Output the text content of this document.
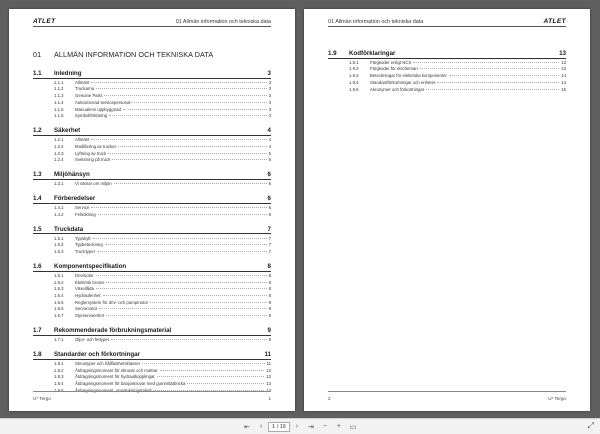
ATLET	01 Allmän information och tekniska data
01 ALLMÄN INFORMATION OCH TEKNISKA DATA
1.1	Inledning	3
1.1.1	Allmänt	3
1.1.2	Truckarna	3
1.1.3	Genuine Parts	3
1.1.4	Auktoriserad servicepersonal	3
1.1.5	Manualens uppbyggnad	3
1.1.6	Symbolförklaring	3
1.2	Säkerhet	4
1.2.1	Allmänt	4
1.2.2	Modifiering av trucker	4
1.2.3	Lyftning av truck	5
1.2.4	Svetsning på truck	6
1.3	Miljöhänsyn	6
1.3.1	Vi värnar om miljön	6
1.4	Förberedelser	6
1.4.1	Service	6
1.4.2	Felsökning	6
1.5	Truckdata	7
1.5.1	Typskylt	7
1.5.2	Typbeteckning	7
1.5.3	Trucktyper	7
1.6	Komponentspecifikation	8
1.6.1	Drivmotor	8
1.6.2	Elektrisk broms	8
1.6.3	Växellåda	8
1.6.4	Hydraulenhet	8
1.6.5	Reglersystem för driv- och pumpmotor	9
1.6.6	Servomotor	9
1.6.7	Styrservoenhet	9
1.7	Rekommenderade förbrukningsmaterial	9
1.7.1	Oljor- och fettyper	9
1.8	Standarder och förkortningar	11
1.8.1	Skruvtyper och hållfasthetsklasser	11
1.8.2	Åtdragningsmoment för skruvar och muttrar	12
1.8.3	Åtdragningsmoment för hydraulkopplingar	12
1.8.4	Åtdragningsmoment för banjoskruvar med gummitätbricka	13
1.8.5	Åtdragningsmoment, omvänkningstabell	13
U* Tergo	1
01 Allmän information och tekniska data	ATLET
1.9	Kodförklaringar	13
1.9.1	Färgkoder enligt NCS	13
1.9.2	Färgkoder för elscheman	13
1.9.3	Beteckningar för elektriska komponenter	14
1.9.4	Standardförkortningar och enheter	14
1.9.5	Akronymer och förkortningar	15
2	U* Tergo
⇤	‹	1 / 16	›	⇥ − + ▭	⤢
